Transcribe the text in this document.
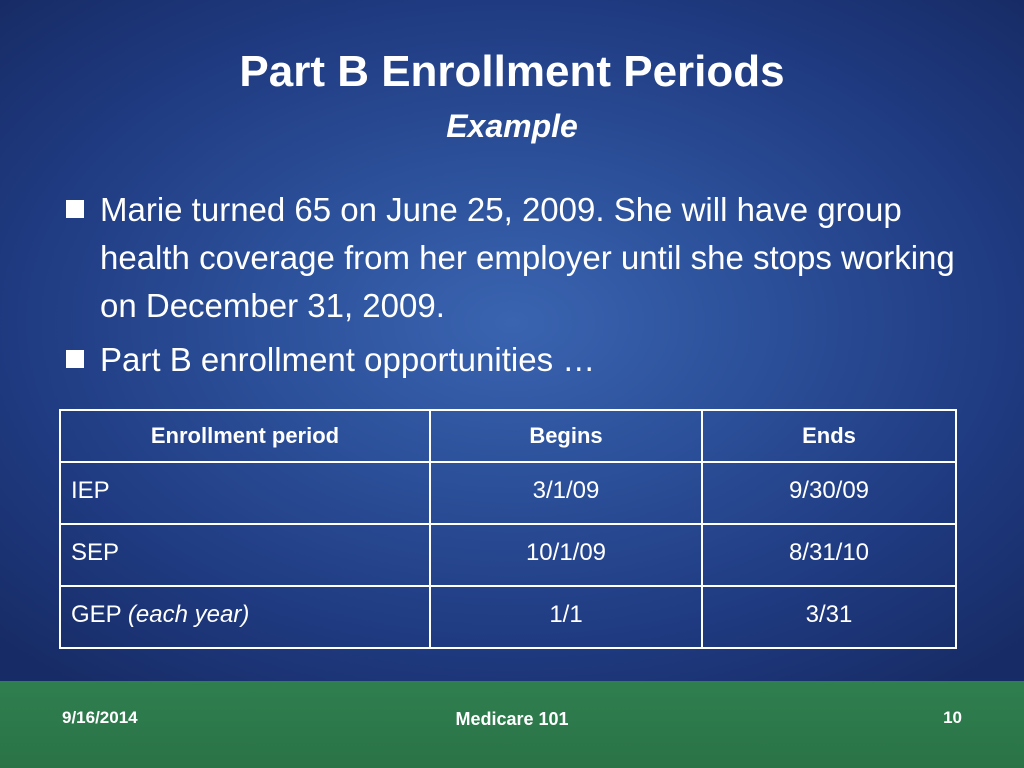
Part B Enrollment Periods
Example
Marie turned 65 on June 25, 2009. She will have group health coverage from her employer until she stops working on December 31, 2009.
Part B enrollment opportunities …
Enrollment period	Begins	Ends
IEP	3/1/09	9/30/09
SEP	10/1/09	8/31/10
GEP (each year)	1/1	3/31
9/16/2014	Medicare 101	10
